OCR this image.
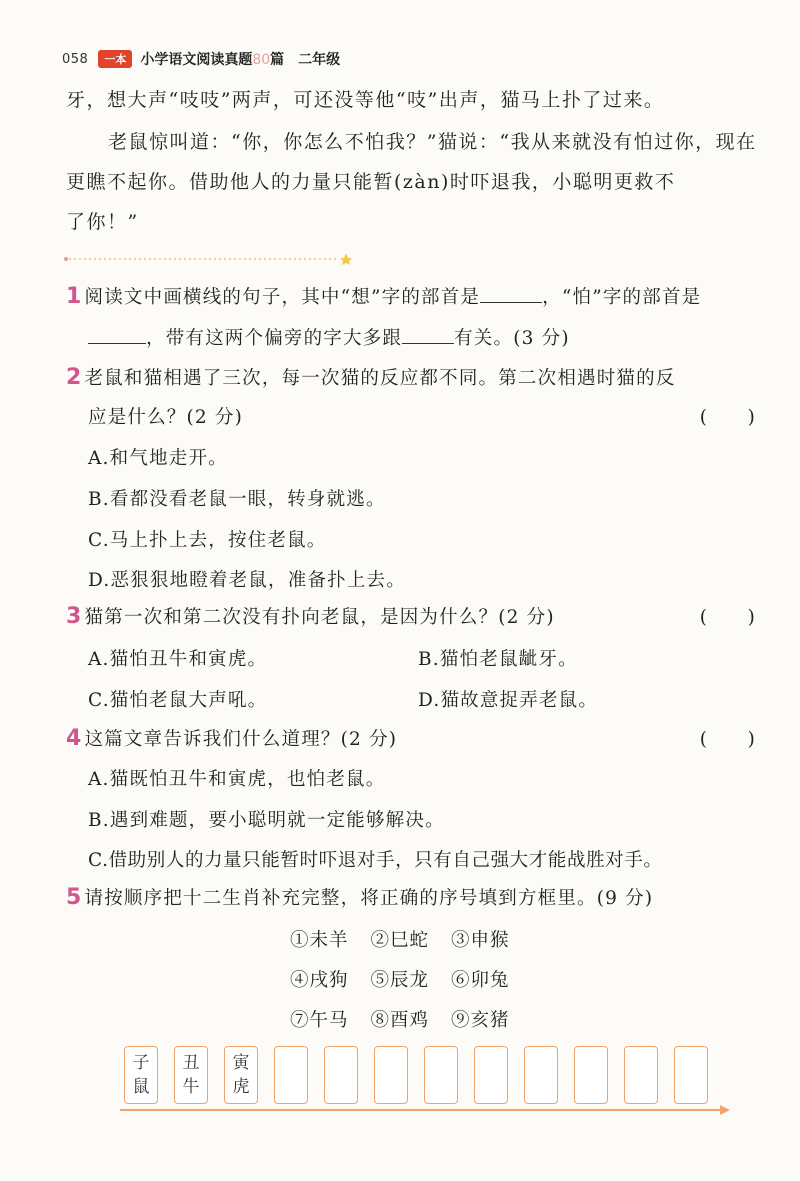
058	一本	小学语文阅读真题80篇 二年级
牙，想大声“吱吱”两声，可还没等他“吱”出声，猫马上扑了过来。
老鼠惊叫道：“你，你怎么不怕我？”猫说：“我从来就没有怕过你，现在
更瞧不起你。借助他人的力量只能暂(zàn)时吓退我，小聪明更救不
了你！”
1 阅读文中画横线的句子，其中“想”字的部首是	，“怕”字的部首是
，带有这两个偏旁的字大多跟	有关。(3 分)
2 老鼠和猫相遇了三次，每一次猫的反应都不同。第二次相遇时猫的反
应是什么？(2 分)	(　　)
A.和气地走开。
B.看都没看老鼠一眼，转身就逃。
C.马上扑上去，按住老鼠。
D.恶狠狠地瞪着老鼠，准备扑上去。
3 猫第一次和第二次没有扑向老鼠，是因为什么？(2 分)	(　　)
A.猫怕丑牛和寅虎。	B.猫怕老鼠龇牙。
C.猫怕老鼠大声吼。	D.猫故意捉弄老鼠。
4 这篇文章告诉我们什么道理？(2 分)	(　　)
A.猫既怕丑牛和寅虎，也怕老鼠。
B.遇到难题，要小聪明就一定能够解决。
C.借助别人的力量只能暂时吓退对手，只有自己强大才能战胜对手。
5 请按顺序把十二生肖补充完整，将正确的序号填到方框里。(9 分)
①未羊 ②巳蛇 ③申猴
④戌狗 ⑤辰龙 ⑥卯兔
⑦午马 ⑧酉鸡 ⑨亥猪
子
鼠
丑
牛
寅
虎
